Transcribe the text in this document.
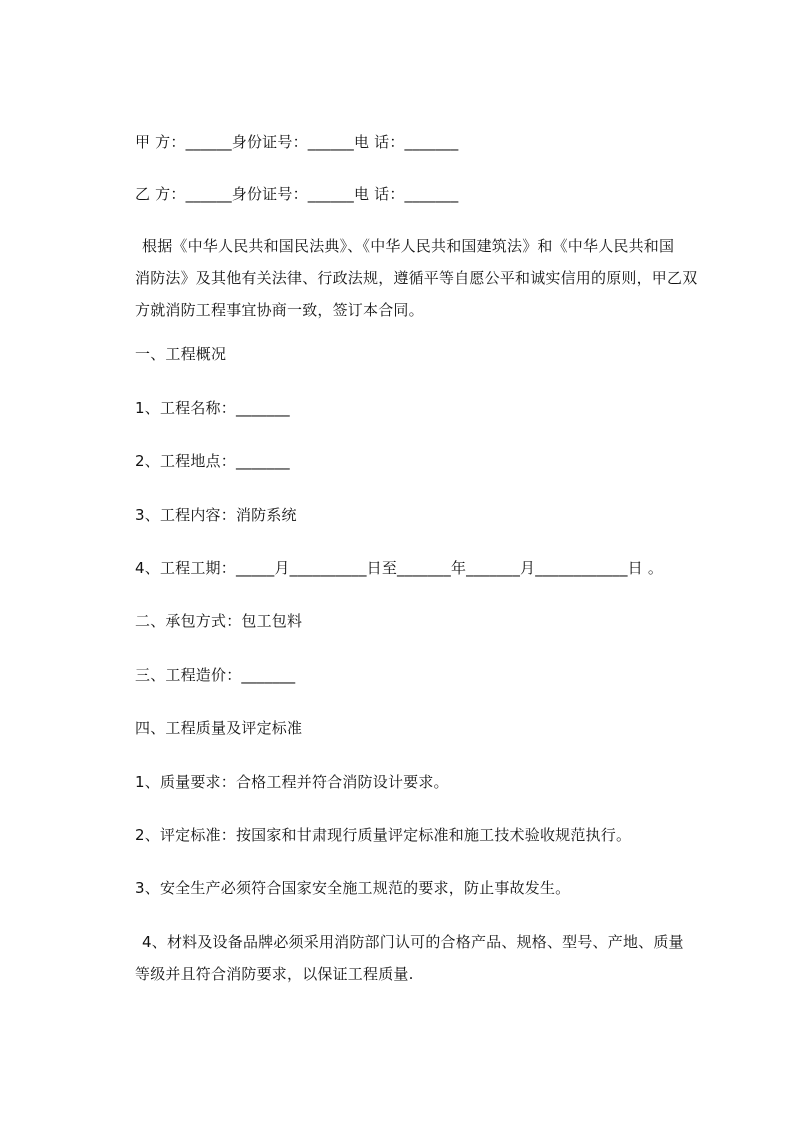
甲 方：______身份证号：______电 话：_______
乙 方：______身份证号：______电 话：_______
根据《中华人民共和国民法典》、《中华人民共和国建筑法》和《中华人民共和国
消防法》及其他有关法律、行政法规，遵循平等自愿公平和诚实信用的原则，甲乙双
方就消防工程事宜协商一致，签订本合同。
一、工程概况
1、工程名称：_______
2、工程地点：_______
3、工程内容：消防系统
4、工程工期：_____月__________日至_______年_______月____________日 。
二、承包方式：包工包料
三、工程造价：_______
四、工程质量及评定标准
1、质量要求：合格工程并符合消防设计要求。
2、评定标准：按国家和甘肃现行质量评定标准和施工技术验收规范执行。
3、安全生产必须符合国家安全施工规范的要求，防止事故发生。
4、材料及设备品牌必须采用消防部门认可的合格产品、规格、型号、产地、质量
等级并且符合消防要求，以保证工程质量.
